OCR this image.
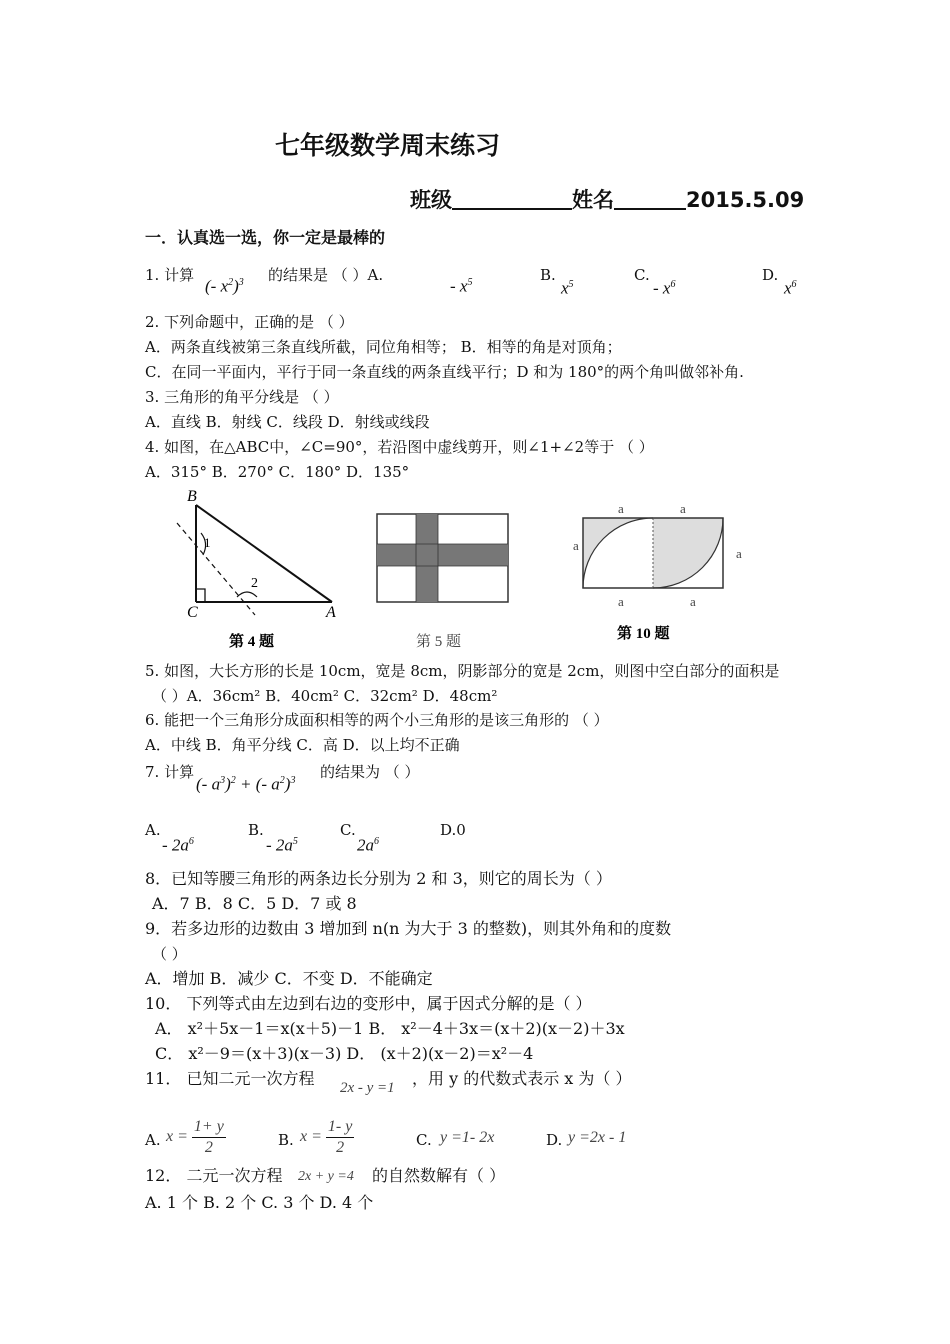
七年级数学周末练习
班级	姓名	2015.5.09
一．认真选一选，你一定是最棒的
1. 计算
(- $x^2)^3$ 的结果是 （ ）A.
- $x^5$	B.
$x^5$
C.
- $x^6$
D.
$x^6$
2. 下列命题中，正确的是 （ ）
A．两条直线被第三条直线所截，同位角相等； B．相等的角是对顶角；
C．在同一平面内，平行于同一条直线的两条直线平行；D 和为 180°的两个角叫做邻补角.
3. 三角形的角平分线是 （ ）
A．直线 B．射线 C．线段 D．射线或线段
4. 如图，在△ABC中，∠C=90°，若沿图中虚线剪开，则∠1+∠2等于 （ ）
A．315° B．270° C．180° D．135°
B
C	A
1
2
第 4 题	第 5 题
a	a
a
a
a	a
第 10 题
5. 如图，大长方形的长是 10cm，宽是 8cm，阴影部分的宽是 2cm，则图中空白部分的面积是
（ ）A．36cm² B．40cm² C．32cm² D．48cm²
6. 能把一个三角形分成面积相等的两个小三角形的是该三角形的 （ ）
A．中线 B．角平分线 C．高 D．以上均不正确
7. 计算
(- $a^3)^2$ + (- $a^2)^3$ 的结果为 （ ）
A.
- $2a^6$
B.
- $2a^5$
C.
$2a^6$
D.0
8．已知等腰三角形的两条边长分别为 2 和 3，则它的周长为（ ）
A．7 B．8 C．5 D．7 或 8
9．若多边形的边数由 3 增加到 n(n 为大于 3 的整数)，则其外角和的度数
（ ）
A．增加 B．减少 C．不变 D．不能确定
10． 下列等式由左边到右边的变形中，属于因式分解的是（ ）
A． x²＋5x－1＝x(x＋5)－1 B． x²－4＋3x＝(x＋2)(x－2)＋3x
C． x²－9＝(x＋3)(x－3) D． (x＋2)(x－2)＝x²－4
11． 已知二元一次方程 2x - y =1 ，用 y 的代数式表示 x 为（ ）
A. $x = \frac{1+ y}{2}$	B. $x = \frac{1- y}{2}$	C. y =1- 2x	D. y =2x - 1
12． 二元一次方程 2x + y =4 的自然数解有（ ）
A. 1 个 B. 2 个 C. 3 个 D. 4 个
